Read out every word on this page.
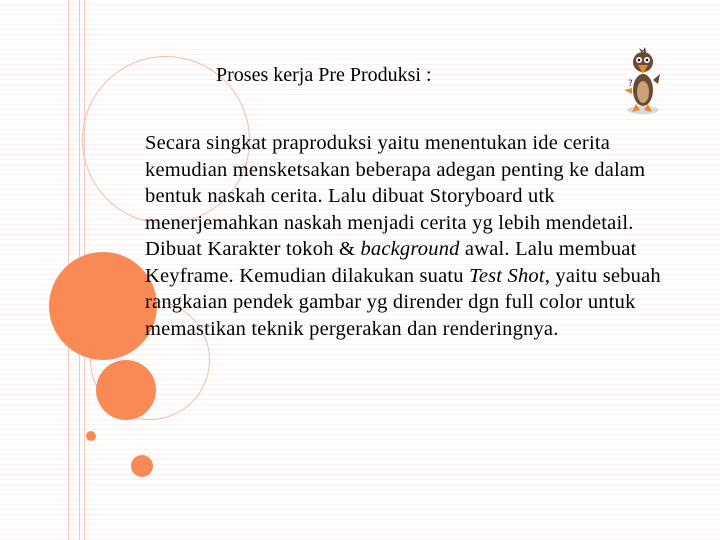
Proses kerja Pre Produksi :

Secara singkat praproduksi yaitu menentukan ide cerita kemudian mensketsakan beberapa adegan penting ke dalam bentuk naskah cerita. Lalu dibuat Storyboard utk menerjemahkan naskah menjadi cerita yg lebih mendetail. Dibuat Karakter tokoh & background awal. Lalu membuat Keyframe. Kemudian dilakukan suatu Test Shot, yaitu sebuah rangkaian pendek gambar yg dirender dgn full color untuk memastikan teknik pergerakan dan renderingnya.

?
